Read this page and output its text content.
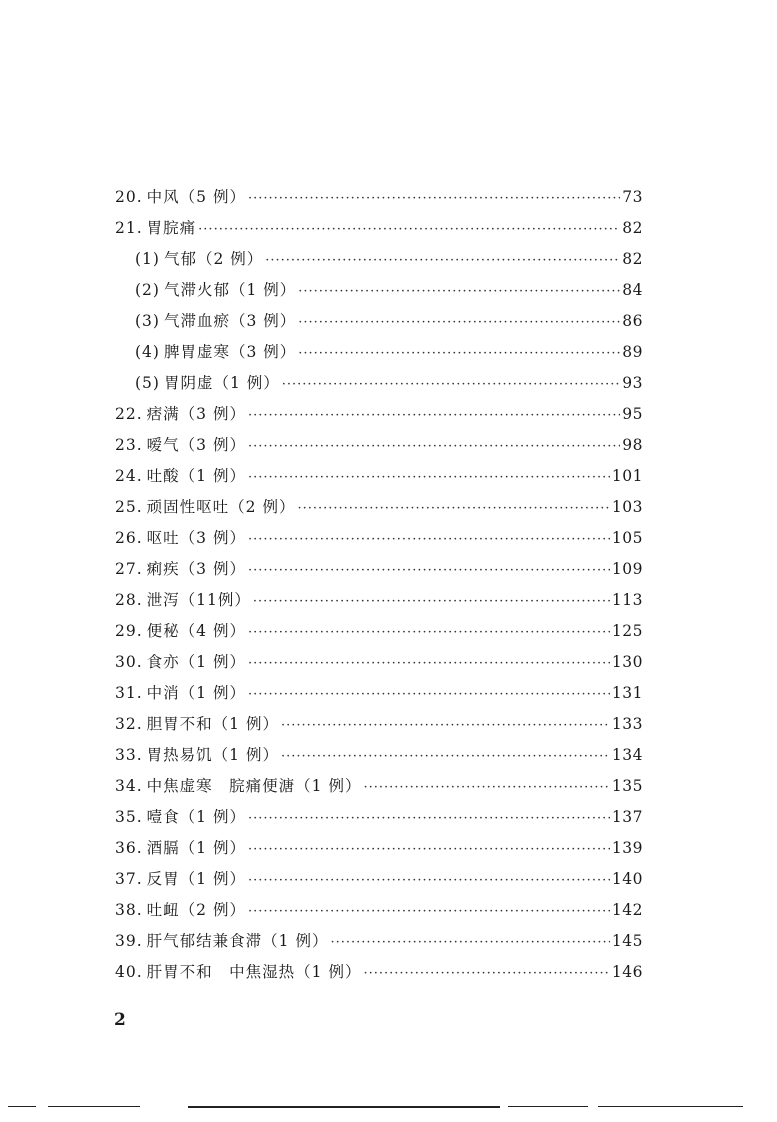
20. 中风（5 例） ·····	73
21. 胃脘痛 ·····	82
(1) 气郁（2 例） ·····	82
(2) 气滞火郁（1 例） ·····	84
(3) 气滞血瘀（3 例） ·····	86
(4) 脾胃虚寒（3 例） ·····	89
(5) 胃阴虚（1 例） ·····	93
22. 痞满（3 例） ·····	95
23. 嗳气（3 例） ·····	98
24. 吐酸（1 例） ·····	101
25. 顽固性呕吐（2 例） ·····	103
26. 呕吐（3 例） ·····	105
27. 痢疾（3 例） ·····	109
28. 泄泻（11例） ·····	113
29. 便秘（4 例） ·····	125
30. 食亦（1 例） ·····	130
31. 中消（1 例） ·····	131
32. 胆胃不和（1 例） ·····	133
33. 胃热易饥（1 例） ·····	134
34. 中焦虚寒　脘痛便溏（1 例） ·····	135
35. 噎食（1 例） ·····	137
36. 酒膈（1 例） ·····	139
37. 反胃（1 例） ·····	140
38. 吐衄（2 例） ·····	142
39. 肝气郁结兼食滞（1 例） ·····	145
40. 肝胃不和　中焦湿热（1 例） ·····	146
2
